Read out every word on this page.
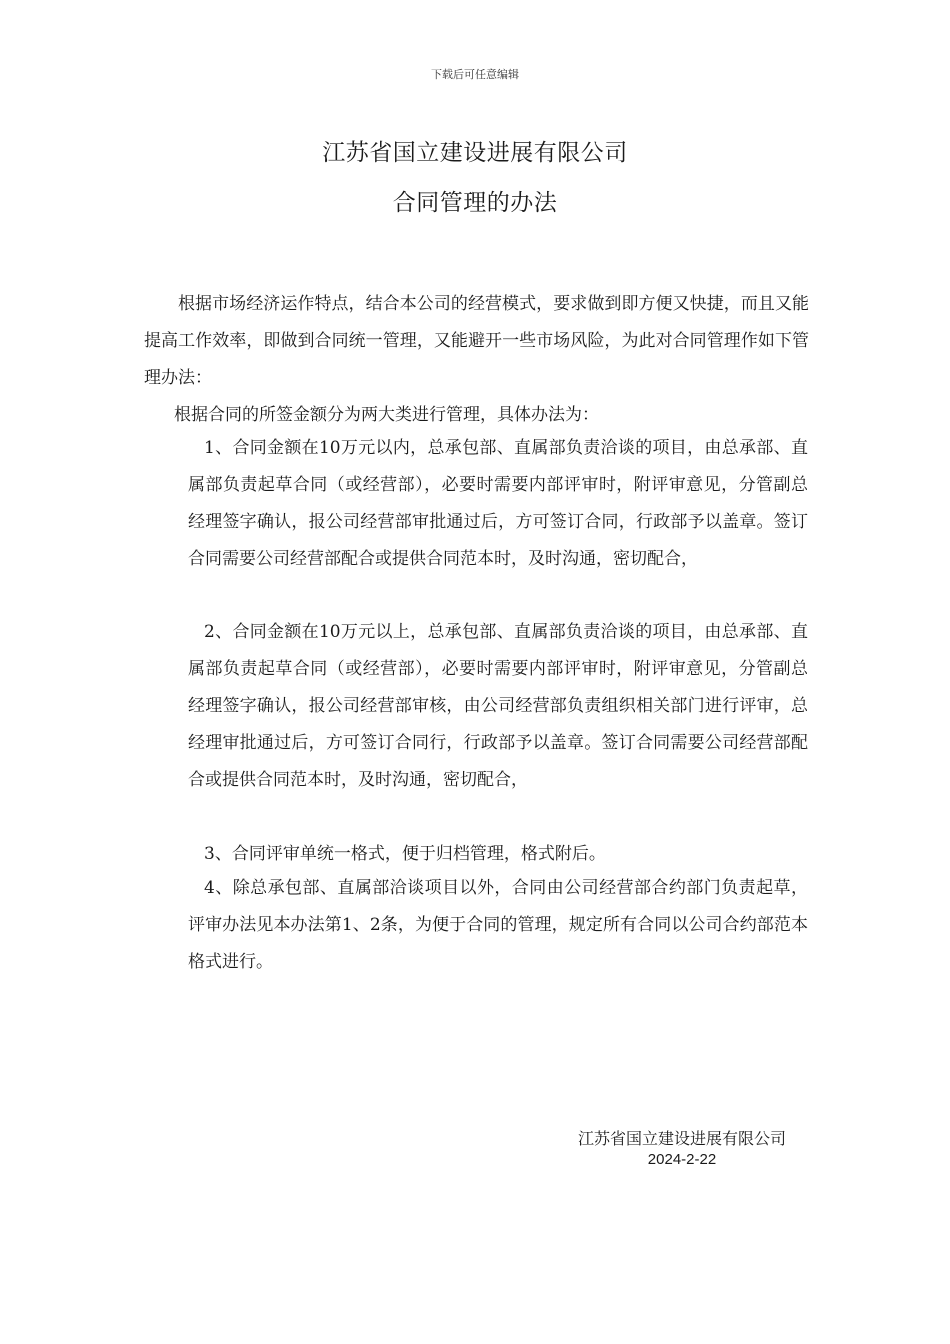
下载后可任意编辑
江苏省国立建设进展有限公司
合同管理的办法
根据市场经济运作特点，结合本公司的经营模式，要求做到即方便又快捷，而且又能提高工作效率，即做到合同统一管理，又能避开一些市场风险，为此对合同管理作如下管理办法：
根据合同的所签金额分为两大类进行管理，具体办法为：
1、合同金额在10万元以内，总承包部、直属部负责洽谈的项目，由总承部、直属部负责起草合同（或经营部），必要时需要内部评审时，附评审意见，分管副总经理签字确认，报公司经营部审批通过后，方可签订合同，行政部予以盖章。签订合同需要公司经营部配合或提供合同范本时，及时沟通，密切配合，
2、合同金额在10万元以上，总承包部、直属部负责洽谈的项目，由总承部、直属部负责起草合同（或经营部），必要时需要内部评审时，附评审意见，分管副总经理签字确认，报公司经营部审核，由公司经营部负责组织相关部门进行评审，总经理审批通过后，方可签订合同行，行政部予以盖章。签订合同需要公司经营部配合或提供合同范本时，及时沟通，密切配合，
3、合同评审单统一格式，便于归档管理，格式附后。
4、除总承包部、直属部洽谈项目以外，合同由公司经营部合约部门负责起草，评审办法见本办法第1、2条，为便于合同的管理，规定所有合同以公司合约部范本格式进行。
江苏省国立建设进展有限公司
2024-2-22
